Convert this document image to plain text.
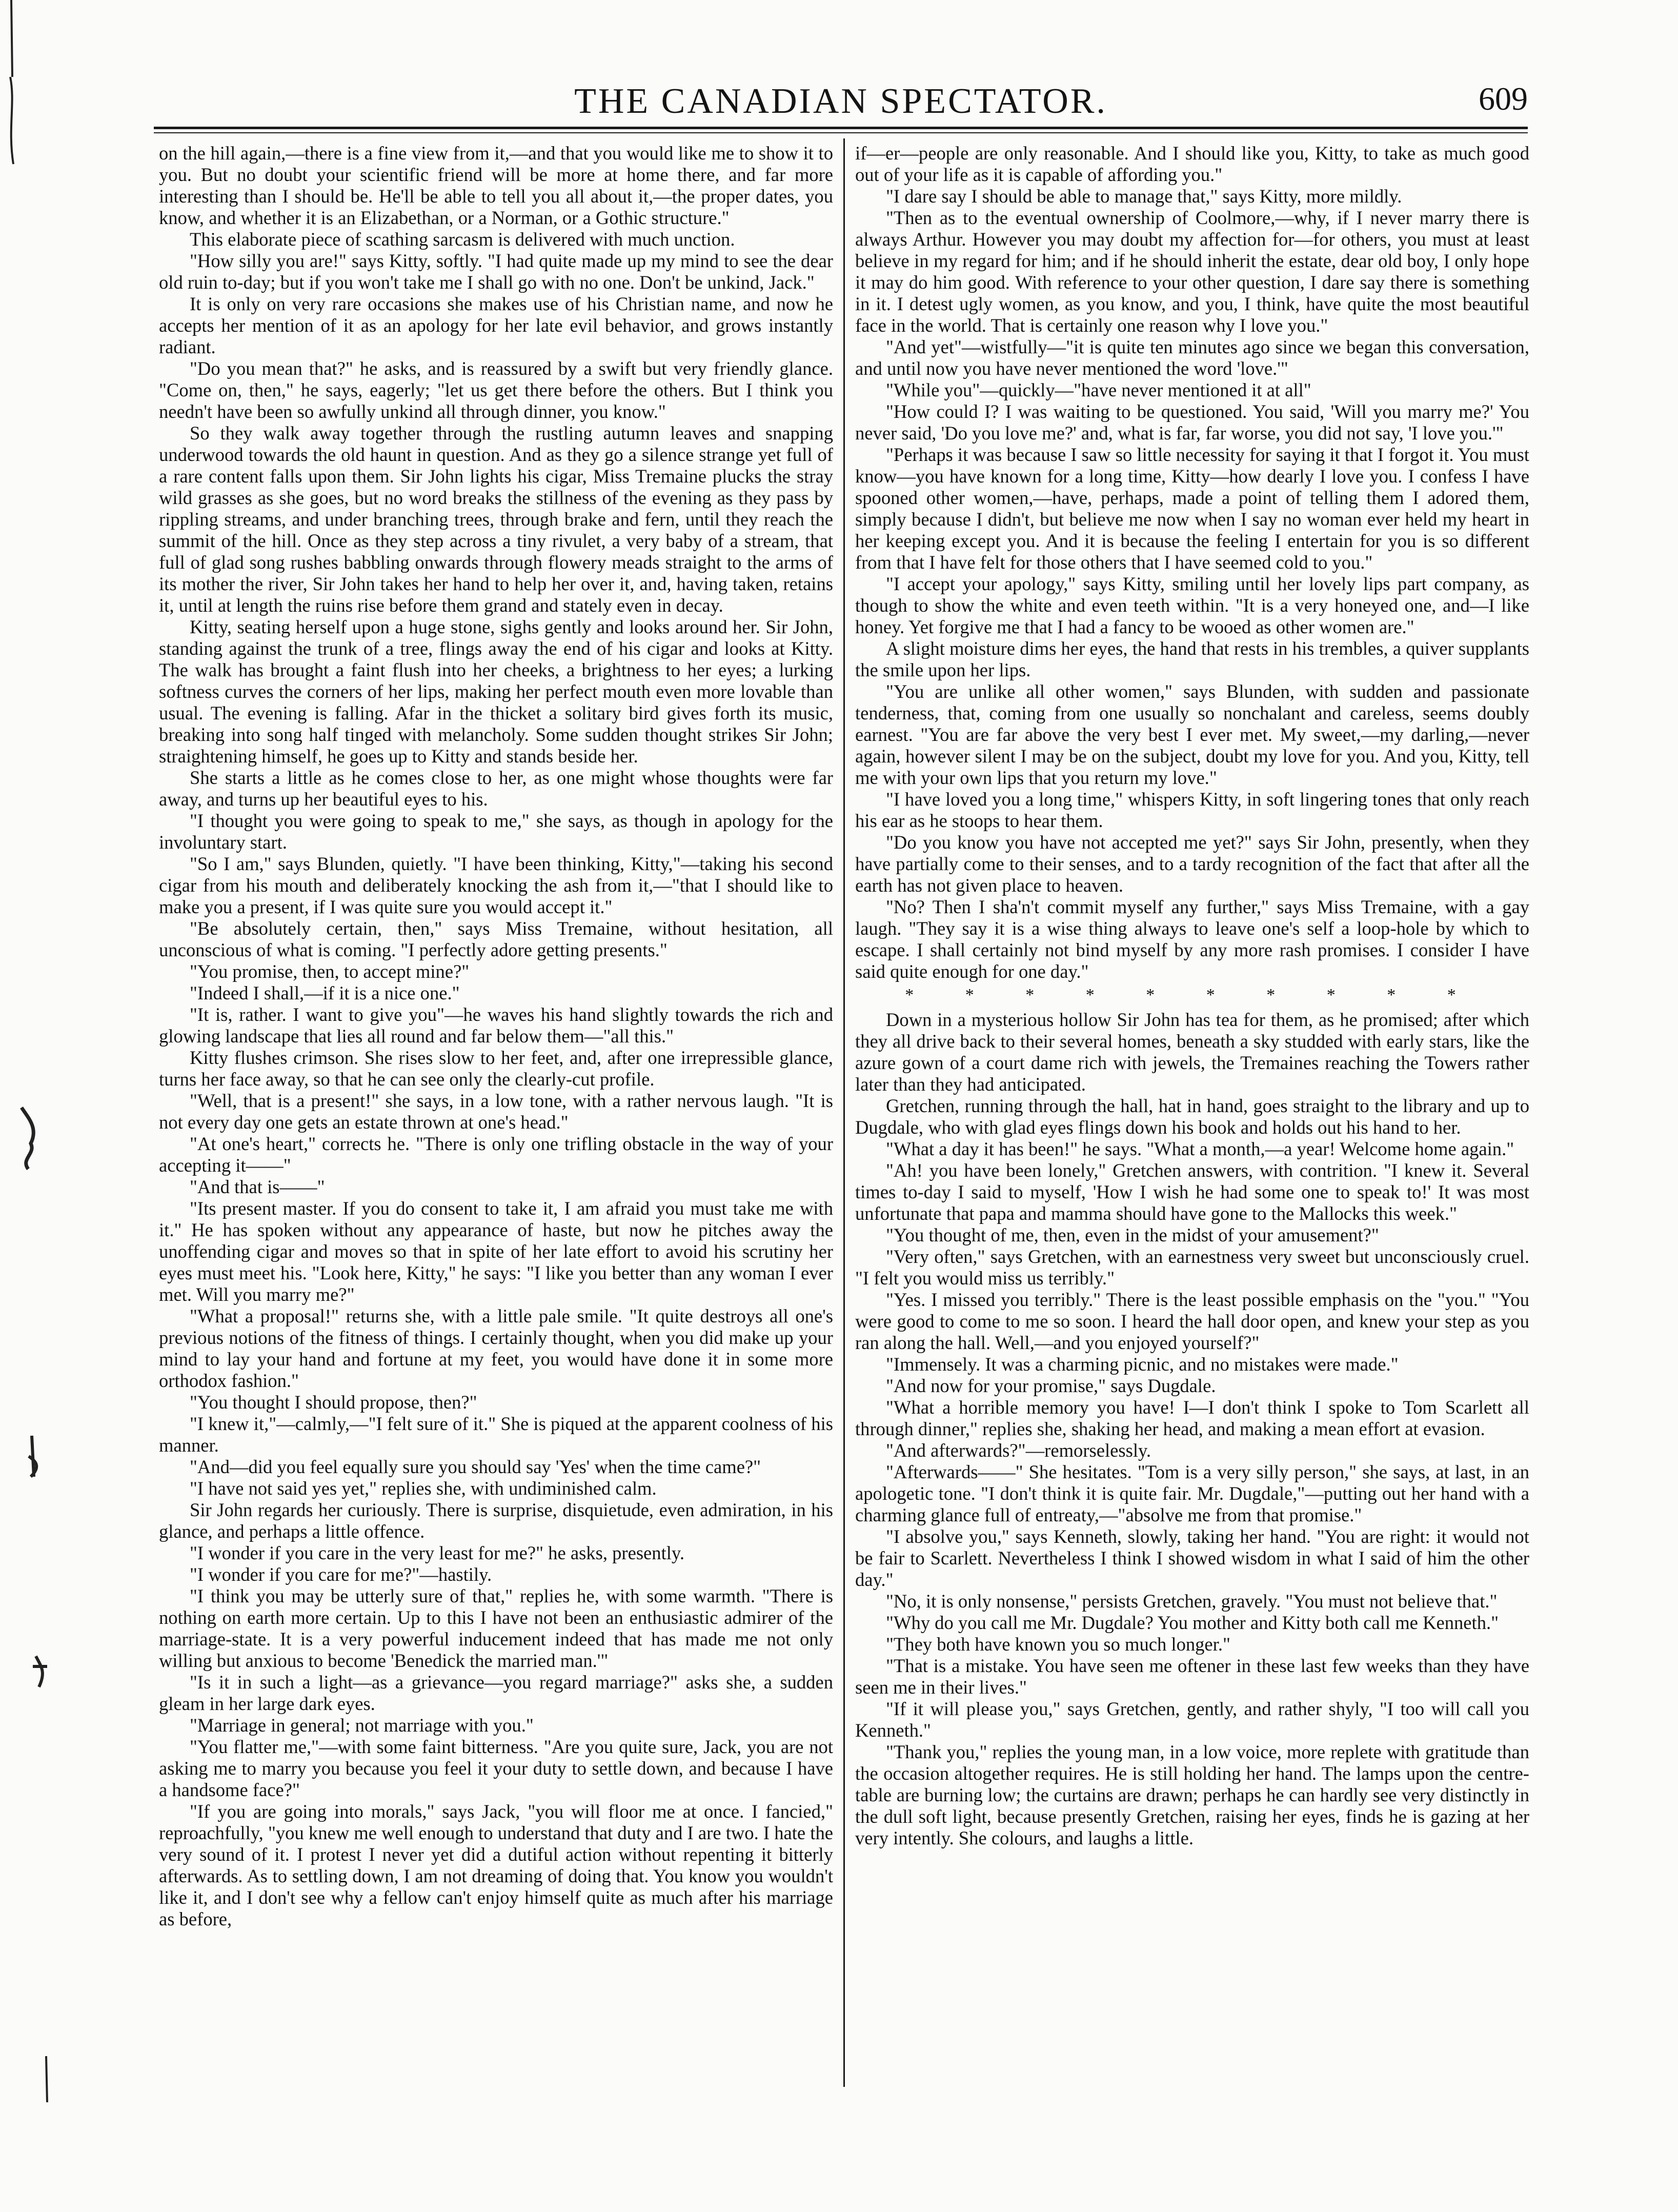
THE CANADIAN SPECTATOR.	609

on the hill again,—there is a fine view from it,—and that you would like me to show it to you. But no doubt your scientific friend will be more at home there, and far more interesting than I should be. He'll be able to tell you all about it,—the proper dates, you know, and whether it is an Elizabethan, or a Norman, or a Gothic structure."

This elaborate piece of scathing sarcasm is delivered with much unction.

"How silly you are!" says Kitty, softly. "I had quite made up my mind to see the dear old ruin to-day; but if you won't take me I shall go with no one. Don't be unkind, Jack."

It is only on very rare occasions she makes use of his Christian name, and now he accepts her mention of it as an apology for her late evil behavior, and grows instantly radiant.

"Do you mean that?" he asks, and is reassured by a swift but very friendly glance. "Come on, then," he says, eagerly; "let us get there before the others. But I think you needn't have been so awfully unkind all through dinner, you know."

So they walk away together through the rustling autumn leaves and snapping underwood towards the old haunt in question. And as they go a silence strange yet full of a rare content falls upon them. Sir John lights his cigar, Miss Tremaine plucks the stray wild grasses as she goes, but no word breaks the stillness of the evening as they pass by rippling streams, and under branching trees, through brake and fern, until they reach the summit of the hill. Once as they step across a tiny rivulet, a very baby of a stream, that full of glad song rushes babbling onwards through flowery meads straight to the arms of its mother the river, Sir John takes her hand to help her over it, and, having taken, retains it, until at length the ruins rise before them grand and stately even in decay.

Kitty, seating herself upon a huge stone, sighs gently and looks around her. Sir John, standing against the trunk of a tree, flings away the end of his cigar and looks at Kitty. The walk has brought a faint flush into her cheeks, a brightness to her eyes; a lurking softness curves the corners of her lips, making her perfect mouth even more lovable than usual. The evening is falling. Afar in the thicket a solitary bird gives forth its music, breaking into song half tinged with melancholy. Some sudden thought strikes Sir John; straightening himself, he goes up to Kitty and stands beside her.

She starts a little as he comes close to her, as one might whose thoughts were far away, and turns up her beautiful eyes to his.

"I thought you were going to speak to me," she says, as though in apology for the involuntary start.

"So I am," says Blunden, quietly. "I have been thinking, Kitty,"—taking his second cigar from his mouth and deliberately knocking the ash from it,—"that I should like to make you a present, if I was quite sure you would accept it."

"Be absolutely certain, then," says Miss Tremaine, without hesitation, all unconscious of what is coming. "I perfectly adore getting presents."

"You promise, then, to accept mine?"

"Indeed I shall,—if it is a nice one."

"It is, rather. I want to give you"—he waves his hand slightly towards the rich and glowing landscape that lies all round and far below them—"all this."

Kitty flushes crimson. She rises slow to her feet, and, after one irrepressible glance, turns her face away, so that he can see only the clearly-cut profile.

"Well, that is a present!" she says, in a low tone, with a rather nervous laugh. "It is not every day one gets an estate thrown at one's head."

"At one's heart," corrects he. "There is only one trifling obstacle in the way of your accepting it——"

"And that is——"

"Its present master. If you do consent to take it, I am afraid you must take me with it." He has spoken without any appearance of haste, but now he pitches away the unoffending cigar and moves so that in spite of her late effort to avoid his scrutiny her eyes must meet his. "Look here, Kitty," he says: "I like you better than any woman I ever met. Will you marry me?"

"What a proposal!" returns she, with a little pale smile. "It quite destroys all one's previous notions of the fitness of things. I certainly thought, when you did make up your mind to lay your hand and fortune at my feet, you would have done it in some more orthodox fashion."

"You thought I should propose, then?"

"I knew it,"—calmly,—"I felt sure of it." She is piqued at the apparent coolness of his manner.

"And—did you feel equally sure you should say 'Yes' when the time came?"

"I have not said yes yet," replies she, with undiminished calm.

Sir John regards her curiously. There is surprise, disquietude, even admiration, in his glance, and perhaps a little offence.

"I wonder if you care in the very least for me?" he asks, presently.

"I wonder if you care for me?"—hastily.

"I think you may be utterly sure of that," replies he, with some warmth. "There is nothing on earth more certain. Up to this I have not been an enthusiastic admirer of the marriage-state. It is a very powerful inducement indeed that has made me not only willing but anxious to become 'Benedick the married man.'"

"Is it in such a light—as a grievance—you regard marriage?" asks she, a sudden gleam in her large dark eyes.

"Marriage in general; not marriage with you."

"You flatter me,"—with some faint bitterness. "Are you quite sure, Jack, you are not asking me to marry you because you feel it your duty to settle down, and because I have a handsome face?"

"If you are going into morals," says Jack, "you will floor me at once. I fancied," reproachfully, "you knew me well enough to understand that duty and I are two. I hate the very sound of it. I protest I never yet did a dutiful action without repenting it bitterly afterwards. As to settling down, I am not dreaming of doing that. You know you wouldn't like it, and I don't see why a fellow can't enjoy himself quite as much after his marriage as before,

if—er—people are only reasonable. And I should like you, Kitty, to take as much good out of your life as it is capable of affording you."

"I dare say I should be able to manage that," says Kitty, more mildly.

"Then as to the eventual ownership of Coolmore,—why, if I never marry there is always Arthur. However you may doubt my affection for—for others, you must at least believe in my regard for him; and if he should inherit the estate, dear old boy, I only hope it may do him good. With reference to your other question, I dare say there is something in it. I detest ugly women, as you know, and you, I think, have quite the most beautiful face in the world. That is certainly one reason why I love you."

"And yet"—wistfully—"it is quite ten minutes ago since we began this conversation, and until now you have never mentioned the word 'love.'"

"While you"—quickly—"have never mentioned it at all"

"How could I? I was waiting to be questioned. You said, 'Will you marry me?' You never said, 'Do you love me?' and, what is far, far worse, you did not say, 'I love you.'"

"Perhaps it was because I saw so little necessity for saying it that I forgot it. You must know—you have known for a long time, Kitty—how dearly I love you. I confess I have spooned other women,—have, perhaps, made a point of telling them I adored them, simply because I didn't, but believe me now when I say no woman ever held my heart in her keeping except you. And it is because the feeling I entertain for you is so different from that I have felt for those others that I have seemed cold to you."

"I accept your apology," says Kitty, smiling until her lovely lips part company, as though to show the white and even teeth within. "It is a very honeyed one, and—I like honey. Yet forgive me that I had a fancy to be wooed as other women are."

A slight moisture dims her eyes, the hand that rests in his trembles, a quiver supplants the smile upon her lips.

"You are unlike all other women," says Blunden, with sudden and passionate tenderness, that, coming from one usually so nonchalant and careless, seems doubly earnest. "You are far above the very best I ever met. My sweet,—my darling,—never again, however silent I may be on the subject, doubt my love for you. And you, Kitty, tell me with your own lips that you return my love."

"I have loved you a long time," whispers Kitty, in soft lingering tones that only reach his ear as he stoops to hear them.

"Do you know you have not accepted me yet?" says Sir John, presently, when they have partially come to their senses, and to a tardy recognition of the fact that after all the earth has not given place to heaven.

"No? Then I sha'n't commit myself any further," says Miss Tremaine, with a gay laugh. "They say it is a wise thing always to leave one's self a loop-hole by which to escape. I shall certainly not bind myself by any more rash promises. I consider I have said quite enough for one day."

* * * * * * * * * *

Down in a mysterious hollow Sir John has tea for them, as he promised; after which they all drive back to their several homes, beneath a sky studded with early stars, like the azure gown of a court dame rich with jewels, the Tremaines reaching the Towers rather later than they had anticipated.

Gretchen, running through the hall, hat in hand, goes straight to the library and up to Dugdale, who with glad eyes flings down his book and holds out his hand to her.

"What a day it has been!" he says. "What a month,—a year! Welcome home again."

"Ah! you have been lonely," Gretchen answers, with contrition. "I knew it. Several times to-day I said to myself, 'How I wish he had some one to speak to!' It was most unfortunate that papa and mamma should have gone to the Mallocks this week."

"You thought of me, then, even in the midst of your amusement?"

"Very often," says Gretchen, with an earnestness very sweet but unconsciously cruel. "I felt you would miss us terribly."

"Yes. I missed you terribly." There is the least possible emphasis on the "you." "You were good to come to me so soon. I heard the hall door open, and knew your step as you ran along the hall. Well,—and you enjoyed yourself?"

"Immensely. It was a charming picnic, and no mistakes were made."

"And now for your promise," says Dugdale.

"What a horrible memory you have! I—I don't think I spoke to Tom Scarlett all through dinner," replies she, shaking her head, and making a mean effort at evasion.

"And afterwards?"—remorselessly.

"Afterwards——" She hesitates. "Tom is a very silly person," she says, at last, in an apologetic tone. "I don't think it is quite fair. Mr. Dugdale,"—putting out her hand with a charming glance full of entreaty,—"absolve me from that promise."

"I absolve you," says Kenneth, slowly, taking her hand. "You are right: it would not be fair to Scarlett. Nevertheless I think I showed wisdom in what I said of him the other day."

"No, it is only nonsense," persists Gretchen, gravely. "You must not believe that."

"Why do you call me Mr. Dugdale? You mother and Kitty both call me Kenneth."

"They both have known you so much longer."

"That is a mistake. You have seen me oftener in these last few weeks than they have seen me in their lives."

"If it will please you," says Gretchen, gently, and rather shyly, "I too will call you Kenneth."

"Thank you," replies the young man, in a low voice, more replete with gratitude than the occasion altogether requires. He is still holding her hand. The lamps upon the centre-table are burning low; the curtains are drawn; perhaps he can hardly see very distinctly in the dull soft light, because presently Gretchen, raising her eyes, finds he is gazing at her very intently. She colours, and laughs a little.
